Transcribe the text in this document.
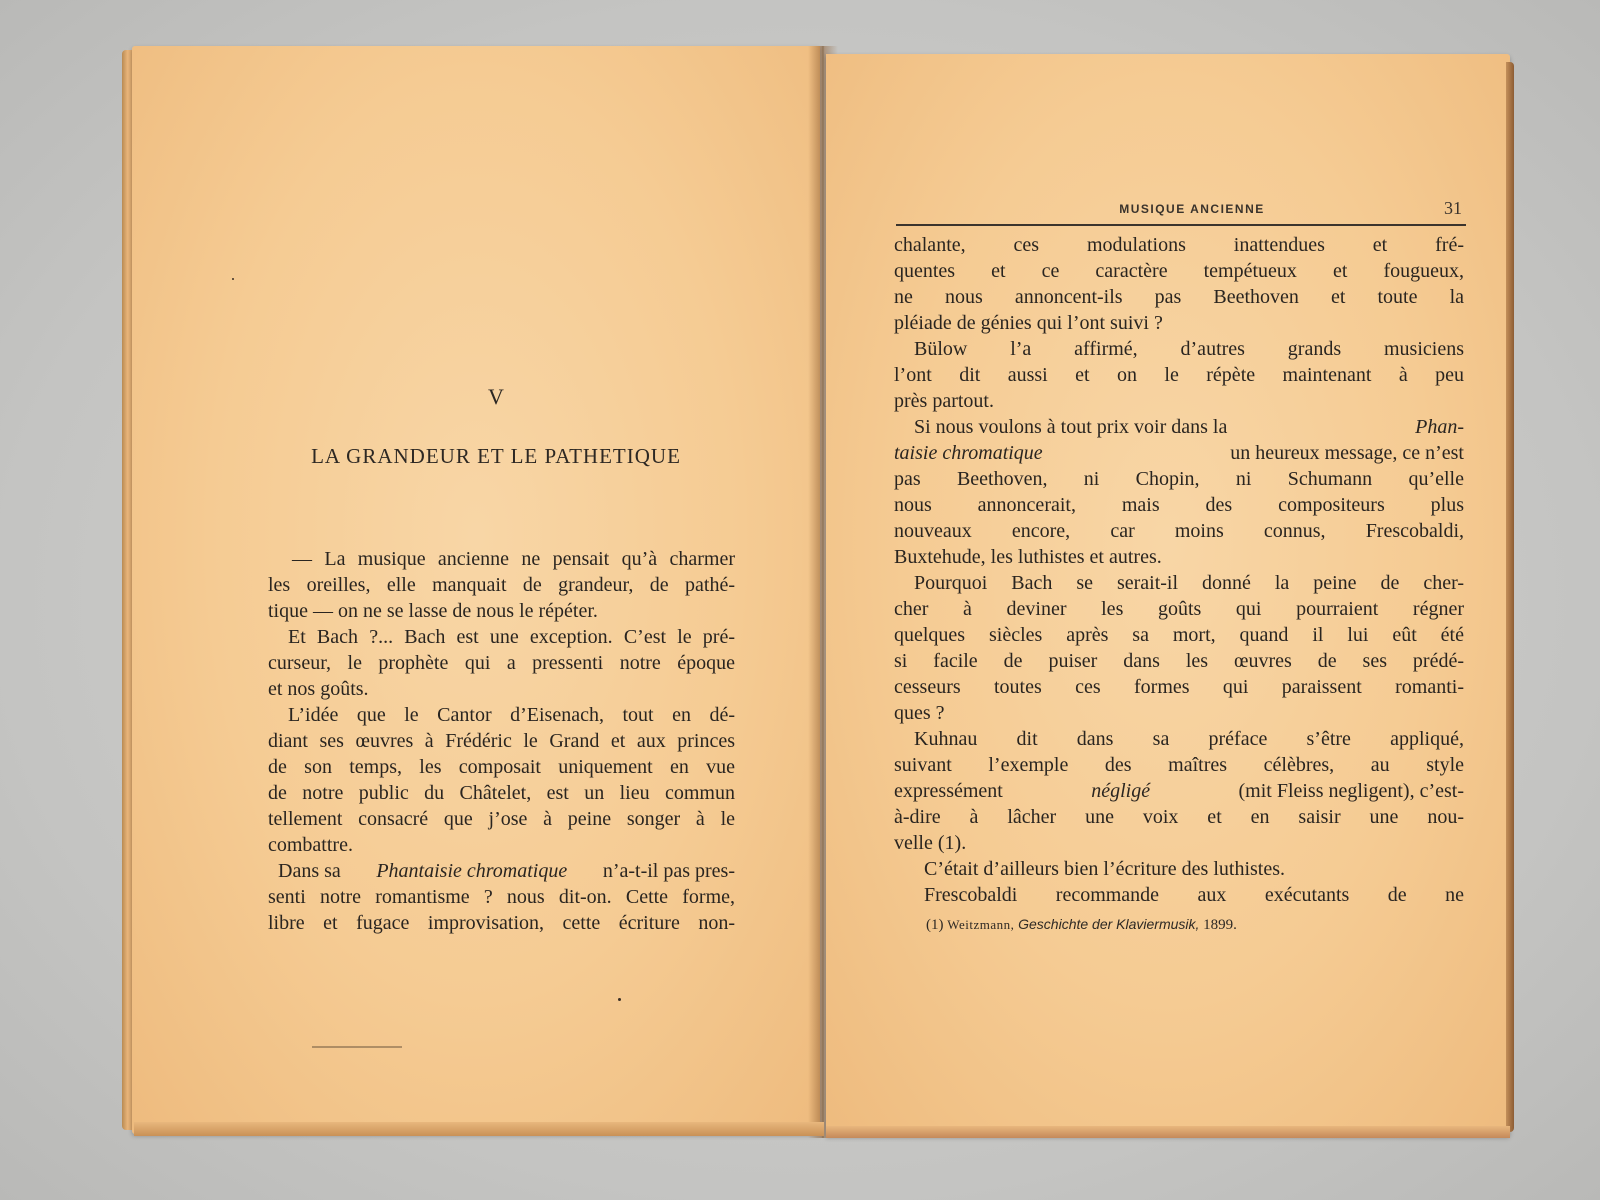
V
LA GRANDEUR ET LE PATHETIQUE
— La musique ancienne ne pensait qu’à charmer
les oreilles, elle manquait de grandeur, de pathé-
tique — on ne se lasse de nous le répéter.
Et Bach ?... Bach est une exception. C’est le pré-
curseur, le prophète qui a pressenti notre époque
et nos goûts.
L’idée que le Cantor d’Eisenach, tout en dé-
diant ses œuvres à Frédéric le Grand et aux princes
de son temps, les composait uniquement en vue
de notre public du Châtelet, est un lieu commun
tellement consacré que j’ose à peine songer à le
combattre.
Dans sa Phantaisie chromatique n’a-t-il pas pres-
senti notre romantisme ? nous dit-on. Cette forme,
libre et fugace improvisation, cette écriture non-
MUSIQUE ANCIENNE	31
chalante, ces modulations inattendues et fré-
quentes et ce caractère tempétueux et fougueux,
ne nous annoncent-ils pas Beethoven et toute la
pléiade de génies qui l’ont suivi ?
Bülow l’a affirmé, d’autres grands musiciens
l’ont dit aussi et on le répète maintenant à peu
près partout.
Si nous voulons à tout prix voir dans la	Phan-
taisie chromatique	un heureux message, ce n’est
pas Beethoven, ni Chopin, ni Schumann qu’elle
nous annoncerait, mais des compositeurs plus
nouveaux encore, car moins connus, Frescobaldi,
Buxtehude, les luthistes et autres.
Pourquoi Bach se serait-il donné la peine de cher-
cher à deviner les goûts qui pourraient régner
quelques siècles après sa mort, quand il lui eût été
si facile de puiser dans les œuvres de ses prédé-
cesseurs toutes ces formes qui paraissent romanti-
ques ?
Kuhnau dit dans sa préface s’être appliqué,
suivant l’exemple des maîtres célèbres, au style
expressément	négligé	(mit Fleiss negligent), c’est-
à-dire à lâcher une voix et en saisir une nou-
velle (1).
C’était d’ailleurs bien l’écriture des luthistes.
Frescobaldi recommande aux exécutants de ne
(1) Weitzmann, Geschichte der Klaviermusik, 1899.
